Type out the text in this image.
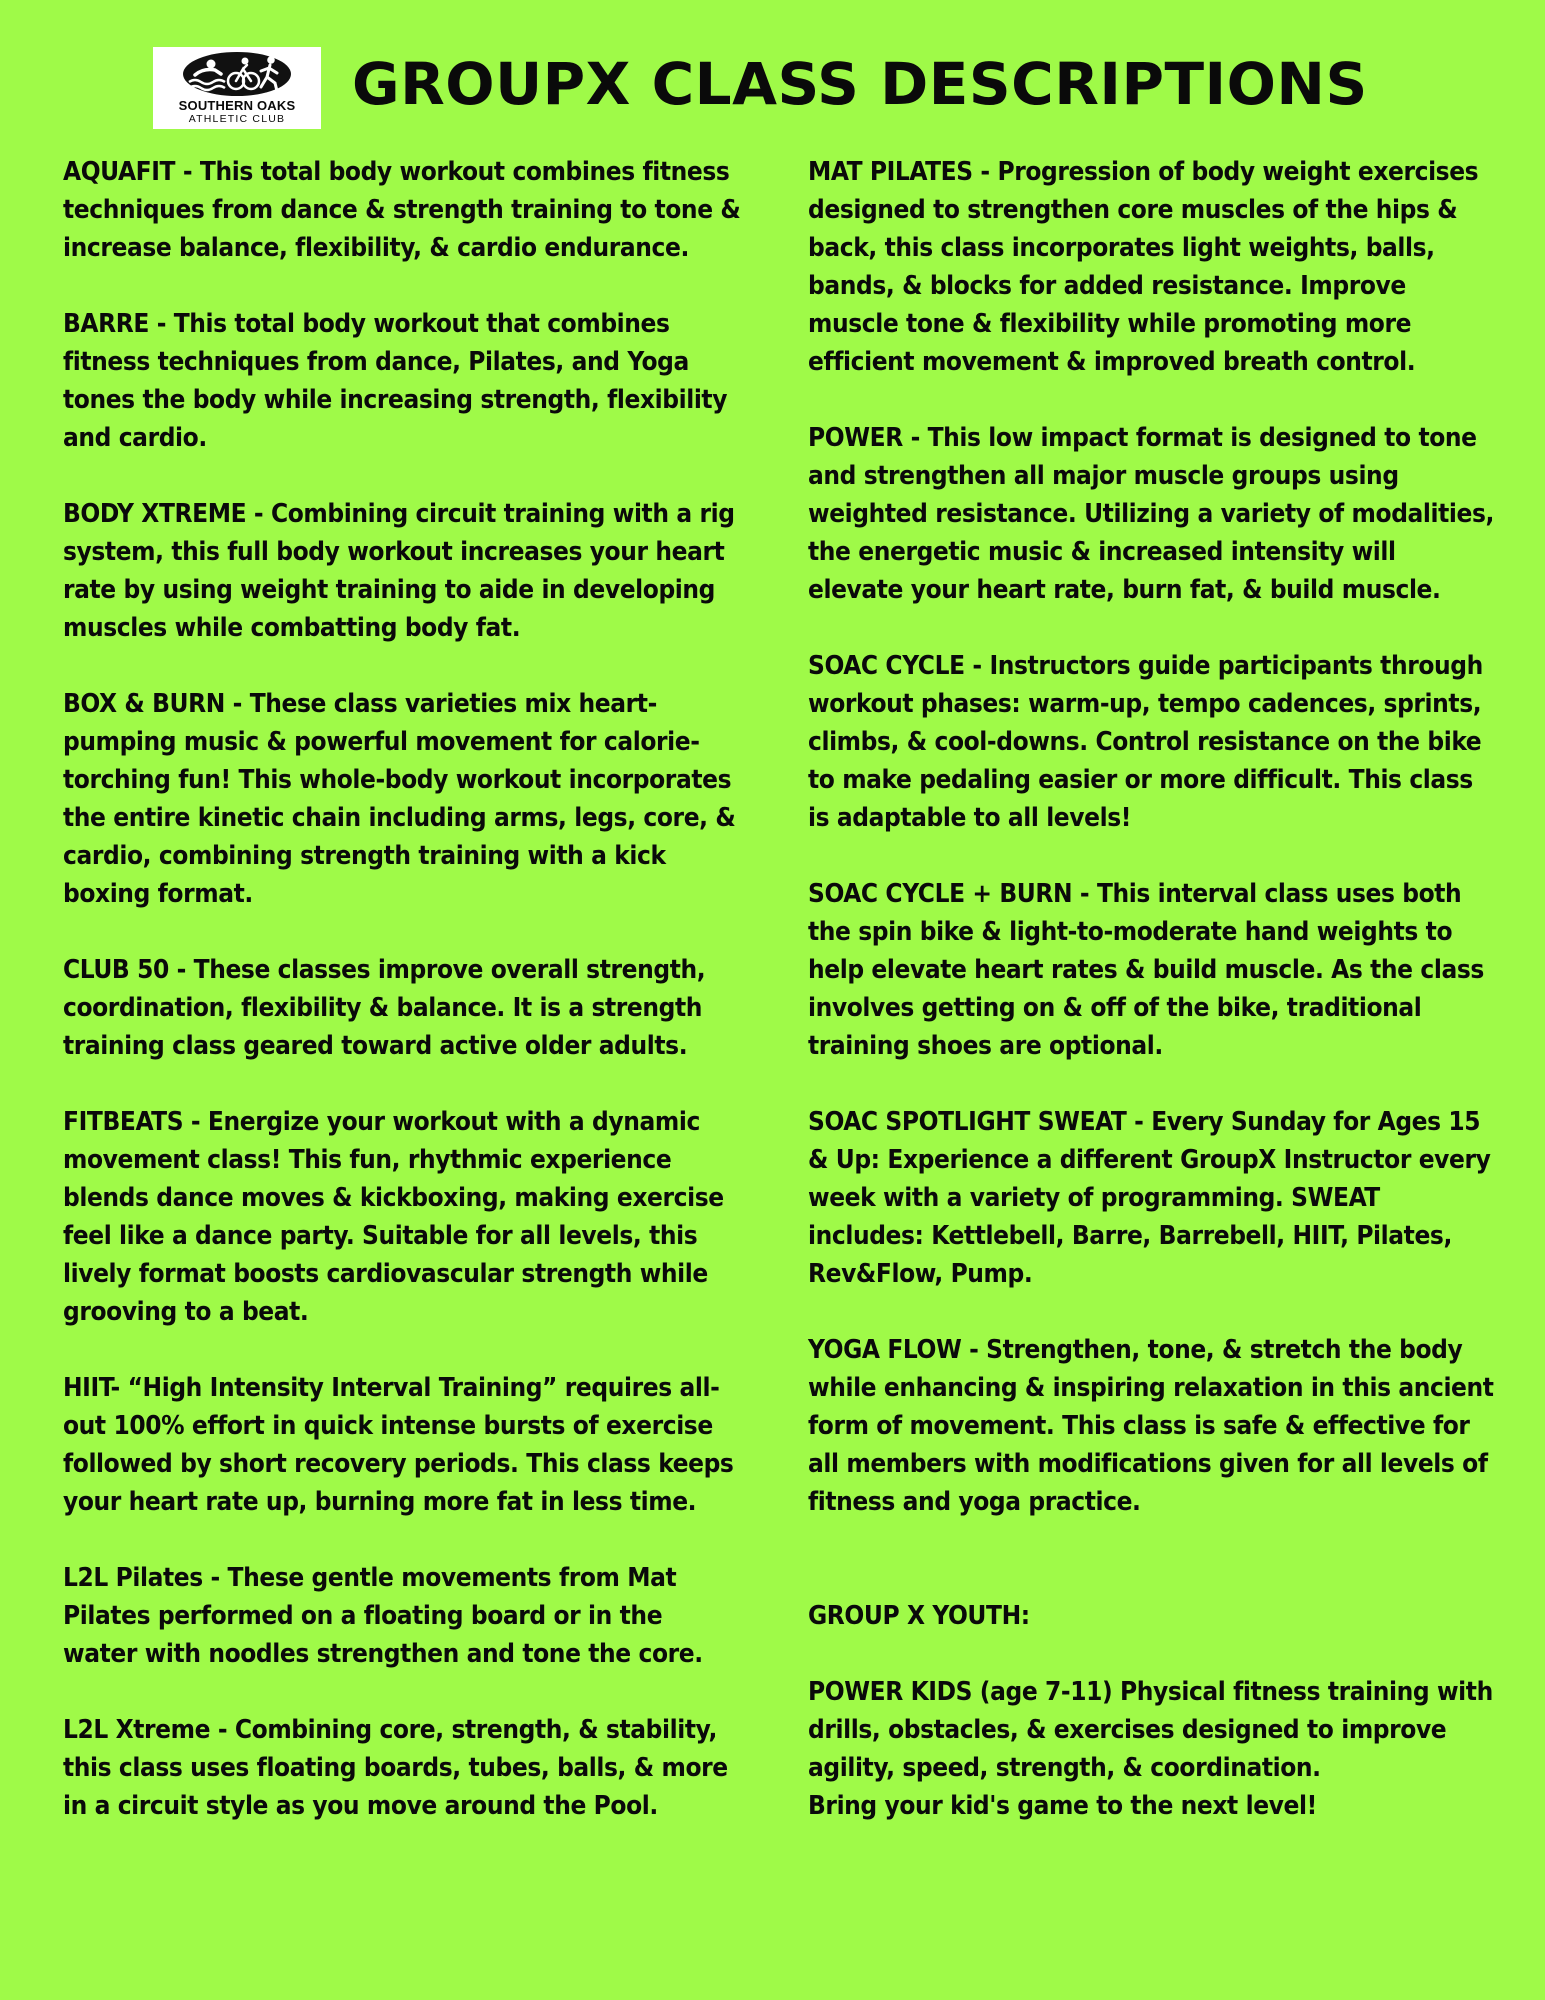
SOUTHERN OAKS
ATHLETIC CLUB
GROUPX CLASS DESCRIPTIONS

AQUAFIT - This total body workout combines fitness techniques from dance & strength training to tone & increase balance, flexibility, & cardio endurance.

BARRE - This total body workout that combines fitness techniques from dance, Pilates, and Yoga tones the body while increasing strength, flexibility and cardio.

BODY XTREME - Combining circuit training with a rig system, this full body workout increases your heart rate by using weight training to aide in developing muscles while combatting body fat.

BOX & BURN - These class varieties mix heart-pumping music & powerful movement for calorie-torching fun! This whole-body workout incorporates the entire kinetic chain including arms, legs, core, & cardio, combining strength training with a kick boxing format.

CLUB 50 - These classes improve overall strength, coordination, flexibility & balance. It is a strength training class geared toward active older adults.

FITBEATS - Energize your workout with a dynamic movement class! This fun, rhythmic experience blends dance moves & kickboxing, making exercise feel like a dance party. Suitable for all levels, this lively format boosts cardiovascular strength while grooving to a beat.

HIIT- “High Intensity Interval Training” requires all-out 100% effort in quick intense bursts of exercise followed by short recovery periods. This class keeps your heart rate up, burning more fat in less time.

L2L Pilates - These gentle movements from Mat Pilates performed on a floating board or in the water with noodles strengthen and tone the core.

L2L Xtreme - Combining core, strength, & stability, this class uses floating boards, tubes, balls, & more in a circuit style as you move around the Pool.

MAT PILATES - Progression of body weight exercises designed to strengthen core muscles of the hips & back, this class incorporates light weights, balls, bands, & blocks for added resistance. Improve muscle tone & flexibility while promoting more efficient movement & improved breath control.

POWER - This low impact format is designed to tone and strengthen all major muscle groups using weighted resistance. Utilizing a variety of modalities, the energetic music & increased intensity will elevate your heart rate, burn fat, & build muscle.

SOAC CYCLE - Instructors guide participants through workout phases: warm-up, tempo cadences, sprints, climbs, & cool-downs. Control resistance on the bike to make pedaling easier or more difficult. This class is adaptable to all levels!

SOAC CYCLE + BURN - This interval class uses both the spin bike & light-to-moderate hand weights to help elevate heart rates & build muscle. As the class involves getting on & off of the bike, traditional training shoes are optional.

SOAC SPOTLIGHT SWEAT - Every Sunday for Ages 15 & Up: Experience a different GroupX Instructor every week with a variety of programming. SWEAT includes: Kettlebell, Barre, Barrebell, HIIT, Pilates, Rev&Flow, Pump.

YOGA FLOW - Strengthen, tone, & stretch the body while enhancing & inspiring relaxation in this ancient form of movement. This class is safe & effective for all members with modifications given for all levels of fitness and yoga practice.

GROUP X YOUTH:

POWER KIDS (age 7-11) Physical fitness training with drills, obstacles, & exercises designed to improve agility, speed, strength, & coordination.
Bring your kid's game to the next level!
